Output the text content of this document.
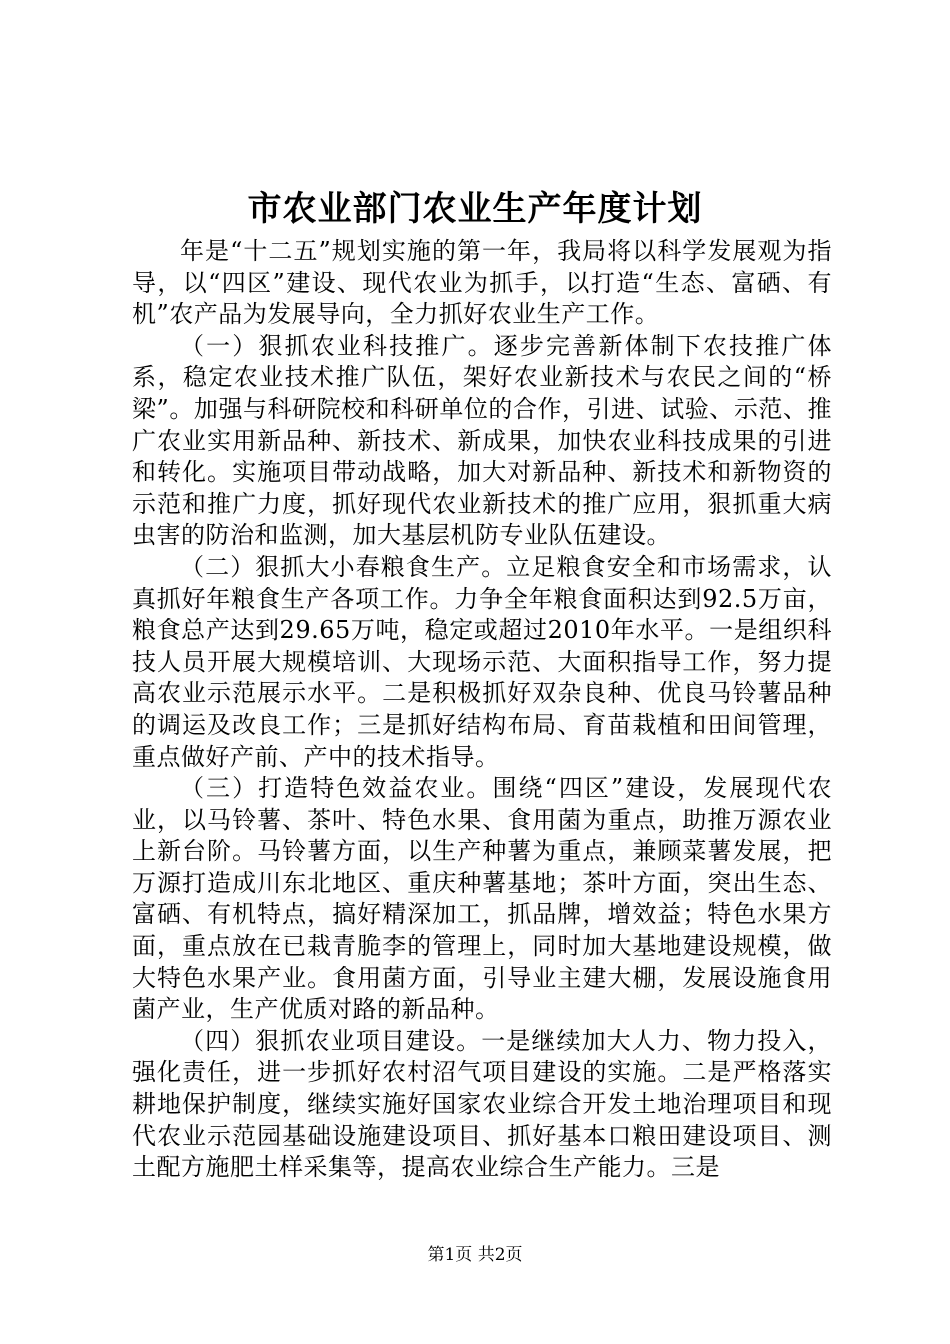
市农业部门农业生产年度计划

年是“十二五”规划实施的第一年，我局将以科学发展观为指导，以“四区”建设、现代农业为抓手，以打造“生态、富硒、有机”农产品为发展导向，全力抓好农业生产工作。

（一）狠抓农业科技推广。逐步完善新体制下农技推广体系，稳定农业技术推广队伍，架好农业新技术与农民之间的“桥梁”。加强与科研院校和科研单位的合作，引进、试验、示范、推广农业实用新品种、新技术、新成果，加快农业科技成果的引进和转化。实施项目带动战略，加大对新品种、新技术和新物资的示范和推广力度，抓好现代农业新技术的推广应用，狠抓重大病虫害的防治和监测，加大基层机防专业队伍建设。

（二）狠抓大小春粮食生产。立足粮食安全和市场需求，认真抓好年粮食生产各项工作。力争全年粮食面积达到92.5万亩，粮食总产达到29.65万吨，稳定或超过2010年水平。一是组织科技人员开展大规模培训、大现场示范、大面积指导工作，努力提高农业示范展示水平。二是积极抓好双杂良种、优良马铃薯品种的调运及改良工作；三是抓好结构布局、育苗栽植和田间管理，重点做好产前、产中的技术指导。

（三）打造特色效益农业。围绕“四区”建设，发展现代农业，以马铃薯、茶叶、特色水果、食用菌为重点，助推万源农业上新台阶。马铃薯方面，以生产种薯为重点，兼顾菜薯发展，把万源打造成川东北地区、重庆种薯基地；茶叶方面，突出生态、富硒、有机特点，搞好精深加工，抓品牌，增效益；特色水果方面，重点放在已栽青脆李的管理上，同时加大基地建设规模，做大特色水果产业。食用菌方面，引导业主建大棚，发展设施食用菌产业，生产优质对路的新品种。

（四）狠抓农业项目建设。一是继续加大人力、物力投入，强化责任，进一步抓好农村沼气项目建设的实施。二是严格落实耕地保护制度，继续实施好国家农业综合开发土地治理项目和现代农业示范园基础设施建设项目、抓好基本口粮田建设项目、测土配方施肥土样采集等，提高农业综合生产能力。三是

第1页 共2页
